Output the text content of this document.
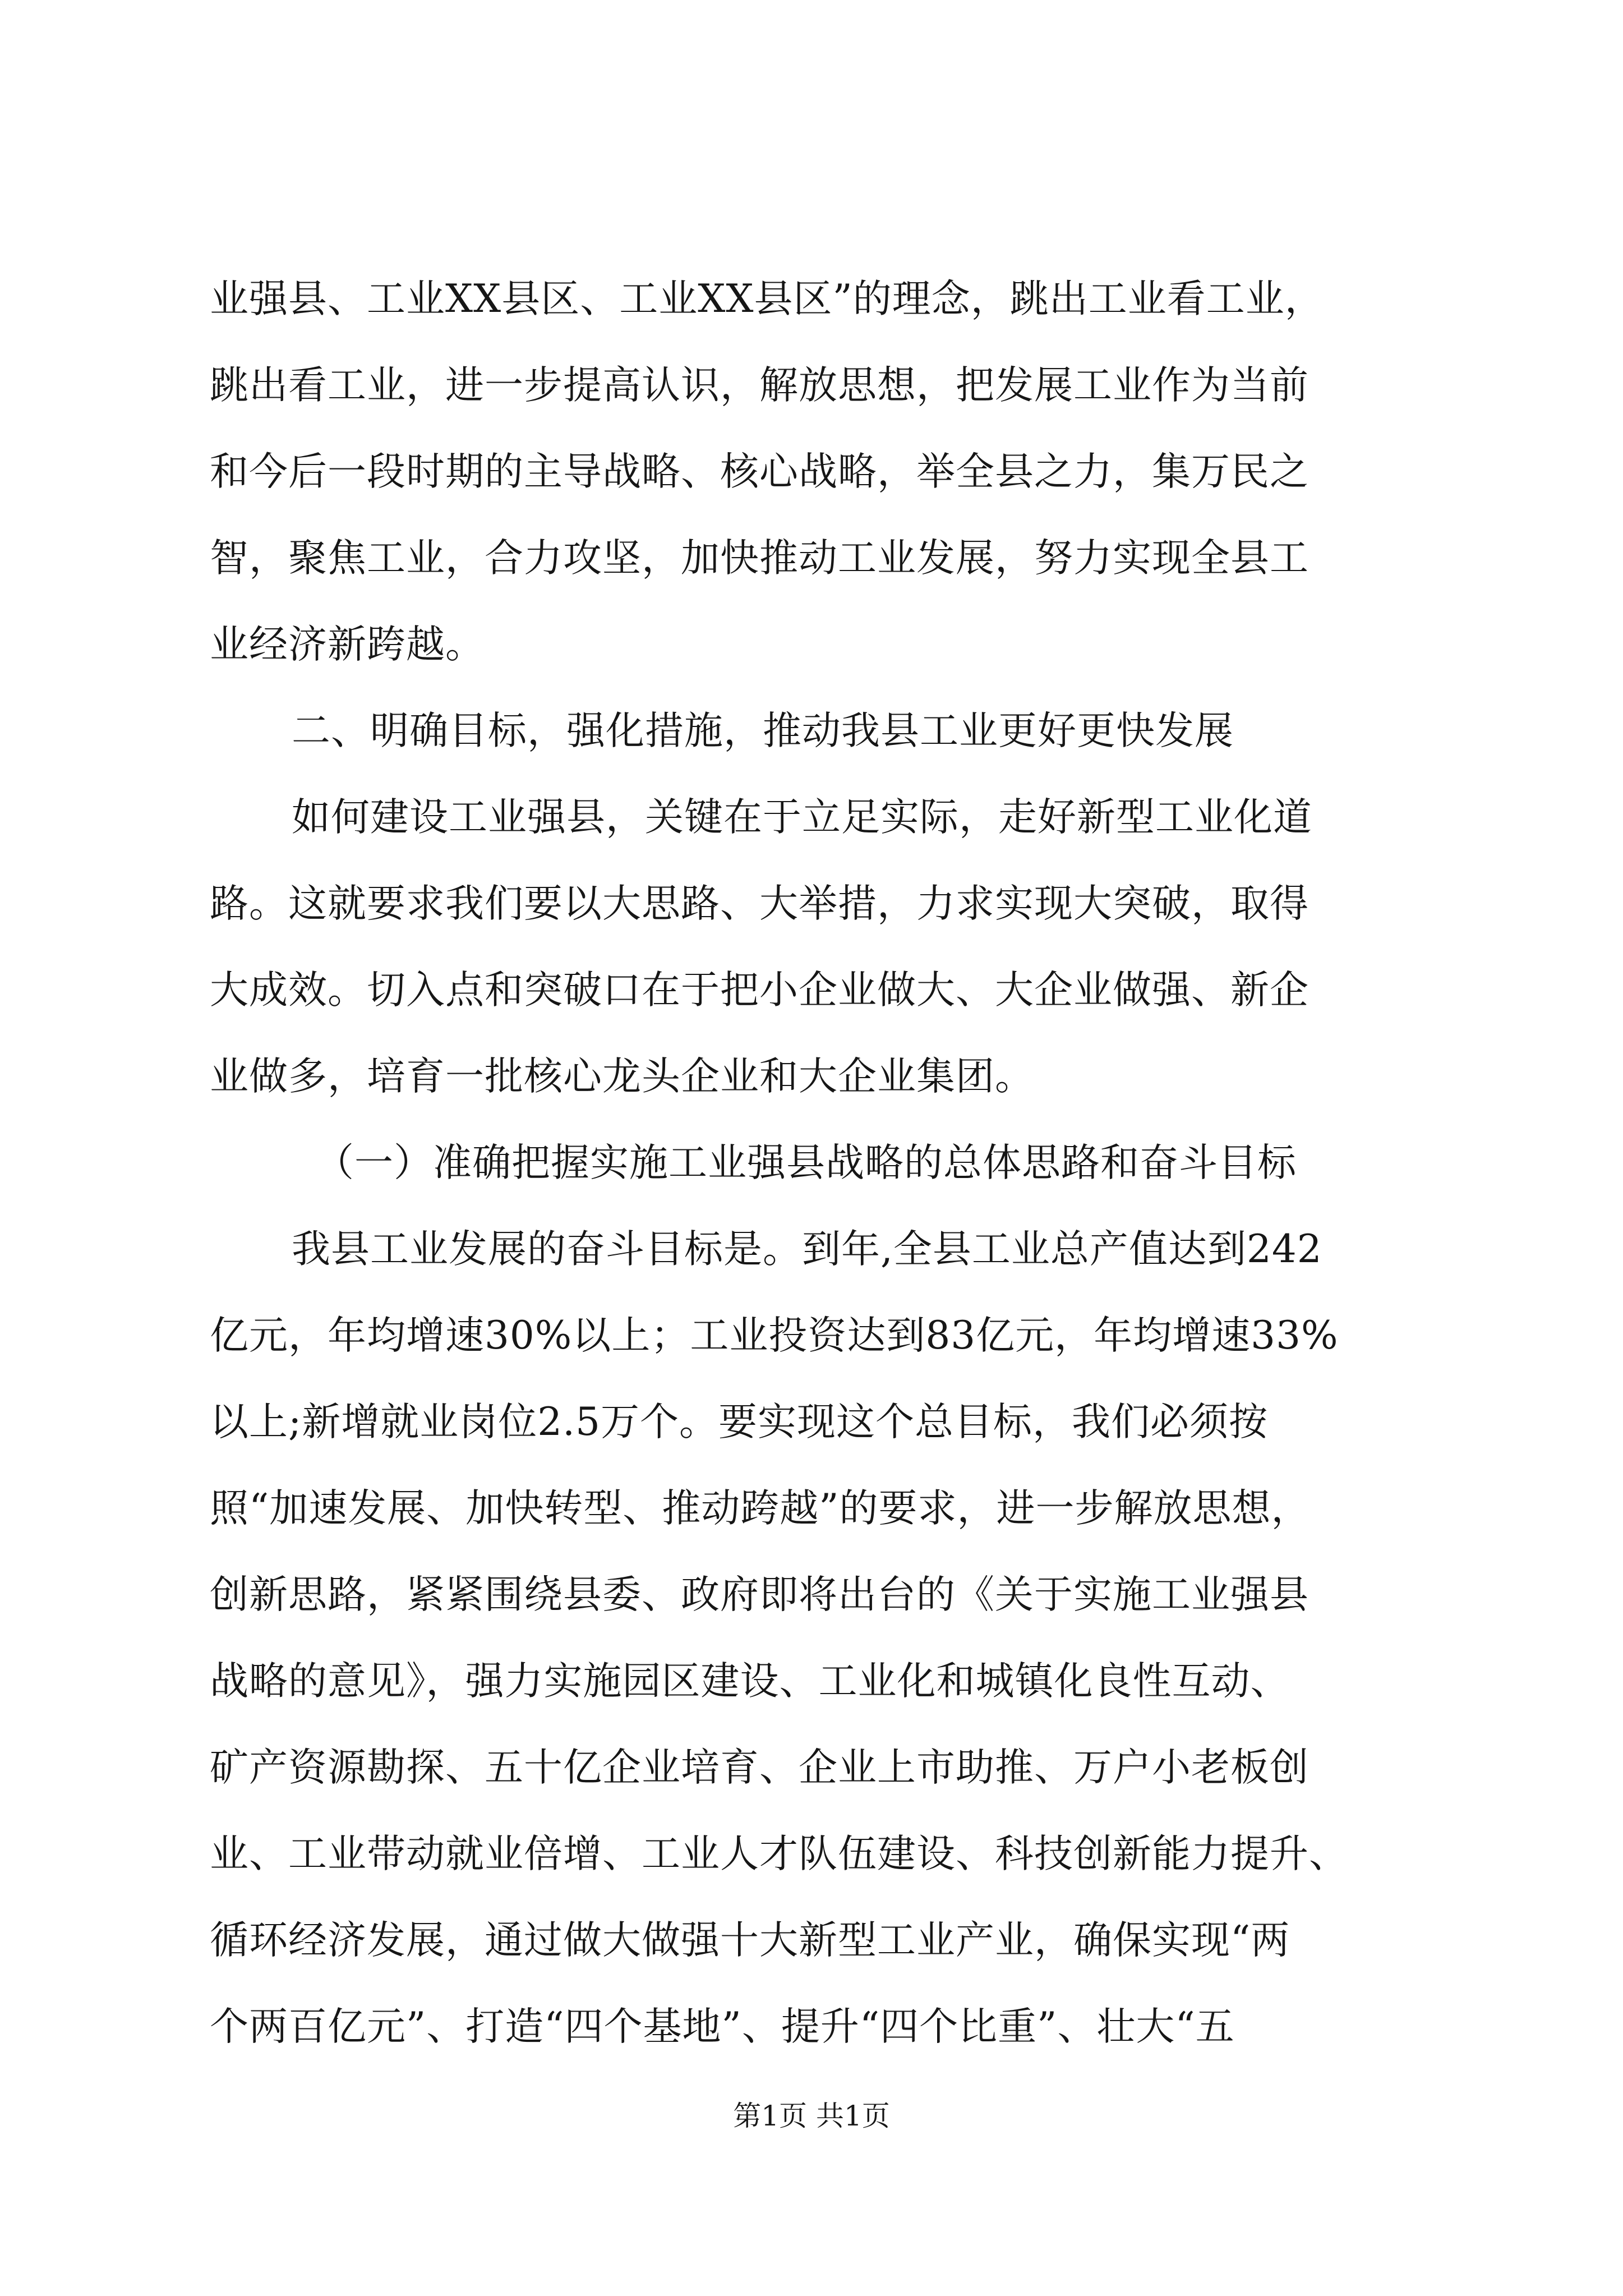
业强县、工业XX县区、工业XX县区”的理念，跳出工业看工业，
跳出看工业，进一步提高认识，解放思想，把发展工业作为当前
和今后一段时期的主导战略、核心战略，举全县之力，集万民之
智，聚焦工业，合力攻坚，加快推动工业发展，努力实现全县工
业经济新跨越。
二、明确目标，强化措施，推动我县工业更好更快发展
如何建设工业强县，关键在于立足实际，走好新型工业化道
路。这就要求我们要以大思路、大举措，力求实现大突破，取得
大成效。切入点和突破口在于把小企业做大、大企业做强、新企
业做多，培育一批核心龙头企业和大企业集团。
（一）准确把握实施工业强县战略的总体思路和奋斗目标
我县工业发展的奋斗目标是。到年,全县工业总产值达到242
亿元，年均增速30%以上；工业投资达到83亿元，年均增速33%
以上;新增就业岗位2.5万个。要实现这个总目标，我们必须按
照“加速发展、加快转型、推动跨越”的要求，进一步解放思想，
创新思路，紧紧围绕县委、政府即将出台的《关于实施工业强县
战略的意见》，强力实施园区建设、工业化和城镇化良性互动、
矿产资源勘探、五十亿企业培育、企业上市助推、万户小老板创
业、工业带动就业倍增、工业人才队伍建设、科技创新能力提升、
循环经济发展，通过做大做强十大新型工业产业，确保实现“两
个两百亿元”、打造“四个基地”、提升“四个比重”、壮大“五
第1页 共1页
